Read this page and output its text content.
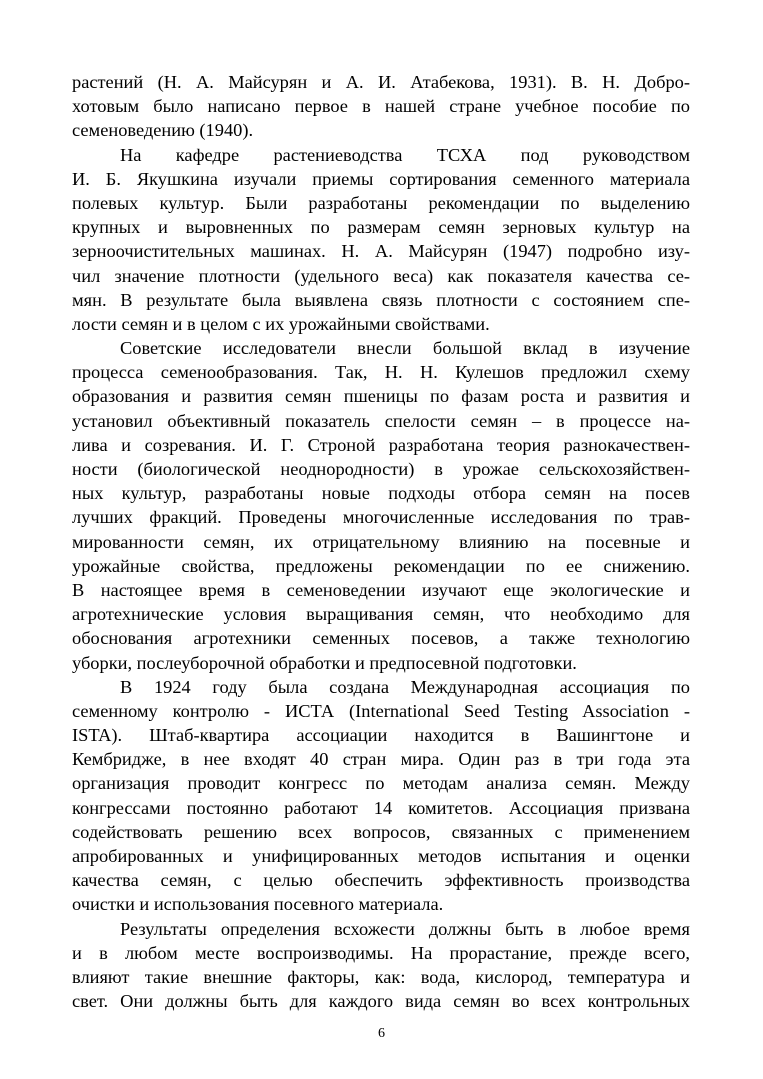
растений (Н. А. Майсурян и А. И. Атабекова, 1931). В. Н. Добро-
хотовым было написано первое в нашей стране учебное пособие по
семеноведению (1940).
На кафедре растениеводства ТСХА под руководством
И. Б. Якушкина изучали приемы сортирования семенного материала
полевых культур. Были разработаны рекомендации по выделению
крупных и выровненных по размерам семян зерновых культур на
зерноочистительных машинах. Н. А. Майсурян (1947) подробно изу-
чил значение плотности (удельного веса) как показателя качества се-
мян. В результате была выявлена связь плотности с состоянием спе-
лости семян и в целом с их урожайными свойствами.
Советские исследователи внесли большой вклад в изучение
процесса семенообразования. Так, Н. Н. Кулешов предложил схему
образования и развития семян пшеницы по фазам роста и развития и
установил объективный показатель спелости семян – в процессе на-
лива и созревания. И. Г. Строной разработана теория разнокачествен-
ности (биологической неоднородности) в урожае сельскохозяйствен-
ных культур, разработаны новые подходы отбора семян на посев
лучших фракций. Проведены многочисленные исследования по трав-
мированности семян, их отрицательному влиянию на посевные и
урожайные свойства, предложены рекомендации по ее снижению.
В настоящее время в семеноведении изучают еще экологические и
агротехнические условия выращивания семян, что необходимо для
обоснования агротехники семенных посевов, а также технологию
уборки, послеуборочной обработки и предпосевной подготовки.
В 1924 году была создана Международная ассоциация по
семенному контролю - ИСТА (International Seed Testing Association -
ISTA). Штаб-квартира ассоциации находится в Вашингтоне и
Кембридже, в нее входят 40 стран мира. Один раз в три года эта
организация проводит конгресс по методам анализа семян. Между
конгрессами постоянно работают 14 комитетов. Ассоциация призвана
содействовать решению всех вопросов, связанных с применением
апробированных и унифицированных методов испытания и оценки
качества семян, с целью обеспечить эффективность производства
очистки и использования посевного материала.
Результаты определения всхожести должны быть в любое время
и в любом месте воспроизводимы. На прорастание, прежде всего,
влияют такие внешние факторы, как: вода, кислород, температура и
свет. Они должны быть для каждого вида семян во всех контрольных
6
